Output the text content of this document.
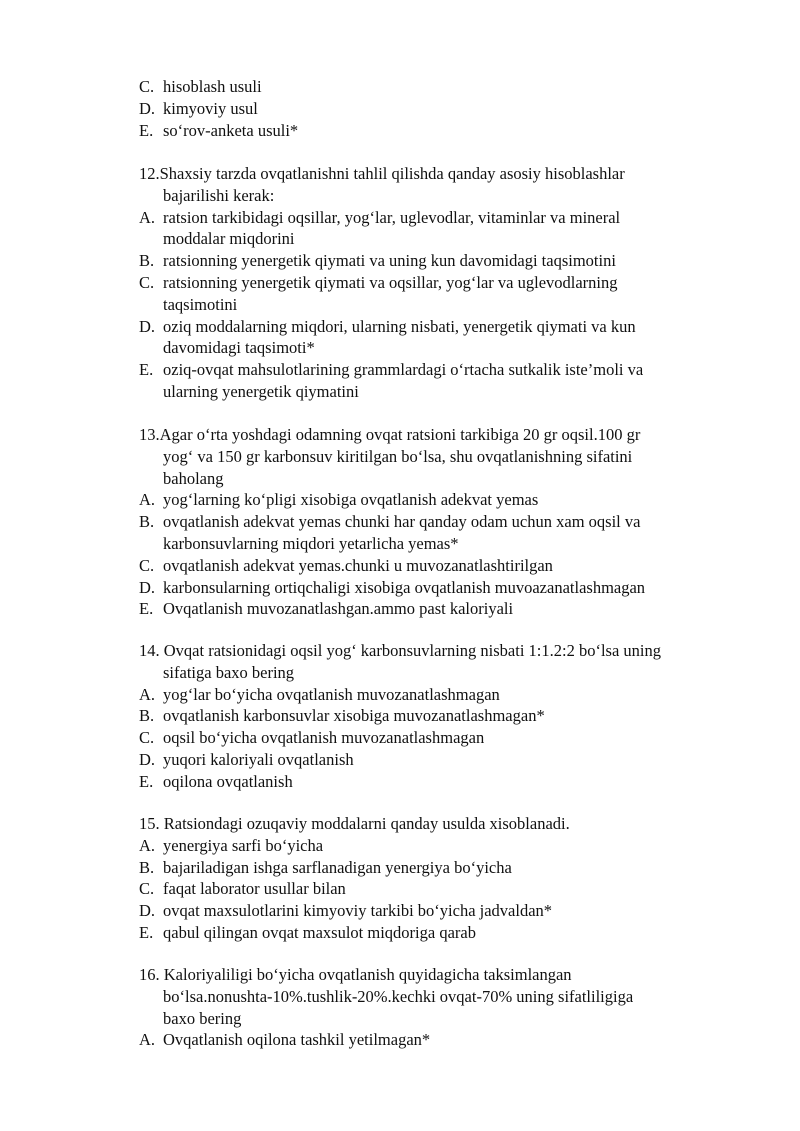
C. hisoblash usuli
D. kimyoviy usul
E. so‘rov-anketa usuli*
12.Shaxsiy tarzda ovqatlanishni tahlil qilishda qanday asosiy hisoblashlar
bajarilishi kerak:
A. ratsion tarkibidagi oqsillar, yog‘lar, uglevodlar, vitaminlar va mineral
moddalar miqdorini
B. ratsionning yenergetik qiymati va uning kun davomidagi taqsimotini
C. ratsionning yenergetik qiymati va oqsillar, yog‘lar va uglevodlarning
taqsimotini
D. oziq moddalarning miqdori, ularning nisbati, yenergetik qiymati va kun
davomidagi taqsimoti*
E. oziq-ovqat mahsulotlarining grammlardagi o‘rtacha sutkalik iste’moli va
ularning yenergetik qiymatini
13.Agar o‘rta yoshdagi odamning ovqat ratsioni tarkibiga 20 gr oqsil.100 gr
yog‘ va 150 gr karbonsuv kiritilgan bo‘lsa, shu ovqatlanishning sifatini
baholang
A. yog‘larning ko‘pligi xisobiga ovqatlanish adekvat yemas
B. ovqatlanish adekvat yemas chunki har qanday odam uchun xam oqsil va
karbonsuvlarning miqdori yetarlicha yemas*
C. ovqatlanish adekvat yemas.chunki u muvozanatlashtirilgan
D. karbonsularning ortiqchaligi xisobiga ovqatlanish muvoazanatlashmagan
E. Ovqatlanish muvozanatlashgan.ammo past kaloriyali
14. Ovqat ratsionidagi oqsil yog‘ karbonsuvlarning nisbati 1:1.2:2 bo‘lsa uning
sifatiga baxo bering
A. yog‘lar bo‘yicha ovqatlanish muvozanatlashmagan
B. ovqatlanish karbonsuvlar xisobiga muvozanatlashmagan*
C. oqsil bo‘yicha ovqatlanish muvozanatlashmagan
D. yuqori kaloriyali ovqatlanish
E. oqilona ovqatlanish
15. Ratsiondagi ozuqaviy moddalarni qanday usulda xisoblanadi.
A. yenergiya sarfi bo‘yicha
B. bajariladigan ishga sarflanadigan yenergiya bo‘yicha
C. faqat laborator usullar bilan
D. ovqat maxsulotlarini kimyoviy tarkibi bo‘yicha jadvaldan*
E. qabul qilingan ovqat maxsulot miqdoriga qarab
16. Kaloriyaliligi bo‘yicha ovqatlanish quyidagicha taksimlangan
bo‘lsa.nonushta-10%.tushlik-20%.kechki ovqat-70% uning sifatliligiga
baxo bering
A. Ovqatlanish oqilona tashkil yetilmagan*
